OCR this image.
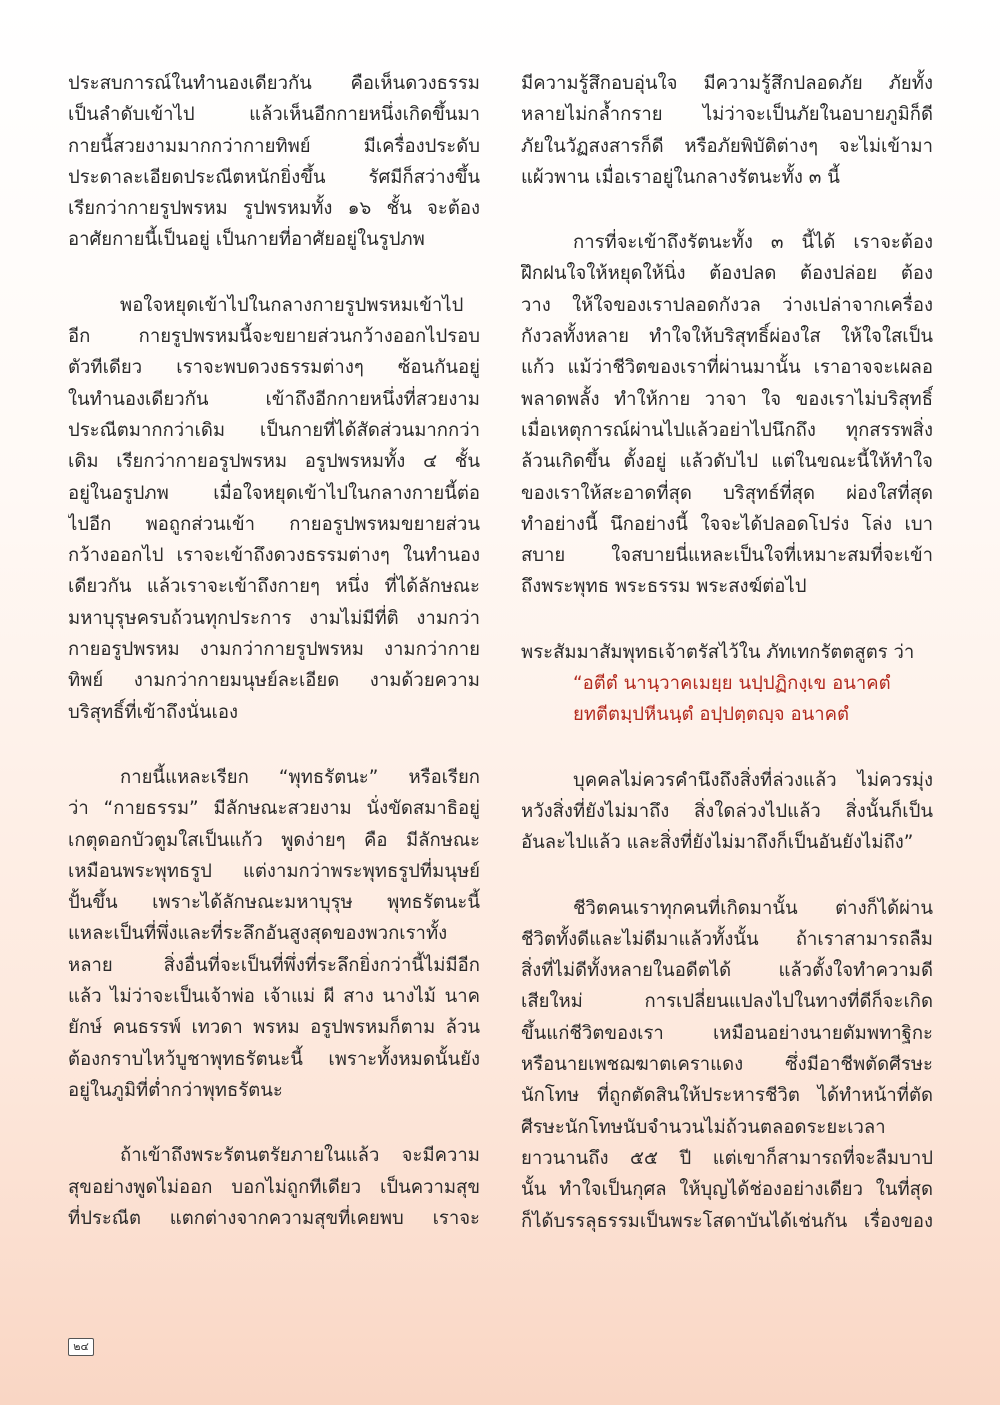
ประสบการณ์ในทำนองเดียวกัน คือเห็นดวงธรรม
เป็นลำดับเข้าไป แล้วเห็นอีกกายหนึ่งเกิดขึ้นมา
กายนี้สวยงามมากกว่ากายทิพย์ มีเครื่องประดับ
ประดาละเอียดประณีตหนักยิ่งขึ้น รัศมีก็สว่างขึ้น
เรียกว่ากายรูปพรหม รูปพรหมทั้ง ๑๖ ชั้น จะต้อง
อาศัยกายนี้เป็นอยู่ เป็นกายที่อาศัยอยู่ในรูปภพ
พอใจหยุดเข้าไปในกลางกายรูปพรหมเข้าไป
อีก กายรูปพรหมนี้จะขยายส่วนกว้างออกไปรอบ
ตัวทีเดียว เราจะพบดวงธรรมต่างๆ ซ้อนกันอยู่
ในทำนองเดียวกัน เข้าถึงอีกกายหนึ่งที่สวยงาม
ประณีตมากกว่าเดิม เป็นกายที่ได้สัดส่วนมากกว่า
เดิม เรียกว่ากายอรูปพรหม อรูปพรหมทั้ง ๔ ชั้น
อยู่ในอรูปภพ เมื่อใจหยุดเข้าไปในกลางกายนี้ต่อ
ไปอีก พอถูกส่วนเข้า กายอรูปพรหมขยายส่วน
กว้างออกไป เราจะเข้าถึงดวงธรรมต่างๆ ในทำนอง
เดียวกัน แล้วเราจะเข้าถึงกายๆ หนึ่ง ที่ได้ลักษณะ
มหาบุรุษครบถ้วนทุกประการ งามไม่มีที่ติ งามกว่า
กายอรูปพรหม งามกว่ากายรูปพรหม งามกว่ากาย
ทิพย์ งามกว่ากายมนุษย์ละเอียด งามด้วยความ
บริสุทธิ์ที่เข้าถึงนั่นเอง
กายนี้แหละเรียก “พุทธรัตนะ” หรือเรียก
ว่า “กายธรรม” มีลักษณะสวยงาม นั่งขัดสมาธิอยู่
เกตุดอกบัวตูมใสเป็นแก้ว พูดง่ายๆ คือ มีลักษณะ
เหมือนพระพุทธรูป แต่งามกว่าพระพุทธรูปที่มนุษย์
ปั้นขึ้น เพราะได้ลักษณะมหาบุรุษ พุทธรัตนะนี้
แหละเป็นที่พึ่งและที่ระลึกอันสูงสุดของพวกเราทั้ง
หลาย สิ่งอื่นที่จะเป็นที่พึ่งที่ระลึกยิ่งกว่านี้ไม่มีอีก
แล้ว ไม่ว่าจะเป็นเจ้าพ่อ เจ้าแม่ ผี สาง นางไม้ นาค
ยักษ์ คนธรรพ์ เทวดา พรหม อรูปพรหมก็ตาม ล้วน
ต้องกราบไหว้บูชาพุทธรัตนะนี้ เพราะทั้งหมดนั้นยัง
อยู่ในภูมิที่ต่ำกว่าพุทธรัตนะ
ถ้าเข้าถึงพระรัตนตรัยภายในแล้ว จะมีความ
สุขอย่างพูดไม่ออก บอกไม่ถูกทีเดียว เป็นความสุข
ที่ประณีต แตกต่างจากความสุขที่เคยพบ เราจะ
มีความรู้สึกอบอุ่นใจ มีความรู้สึกปลอดภัย ภัยทั้ง
หลายไม่กล้ำกราย ไม่ว่าจะเป็นภัยในอบายภูมิก็ดี
ภัยในวัฏสงสารก็ดี หรือภัยพิบัติต่างๆ จะไม่เข้ามา
แผ้วพาน เมื่อเราอยู่ในกลางรัตนะทั้ง ๓ นี้
การที่จะเข้าถึงรัตนะทั้ง ๓ นี้ได้ เราจะต้อง
ฝึกฝนใจให้หยุดให้นิ่ง ต้องปลด ต้องปล่อย ต้อง
วาง ให้ใจของเราปลอดกังวล ว่างเปล่าจากเครื่อง
กังวลทั้งหลาย ทำใจให้บริสุทธิ์ผ่องใส ให้ใจใสเป็น
แก้ว แม้ว่าชีวิตของเราที่ผ่านมานั้น เราอาจจะเผลอ
พลาดพลั้ง ทำให้กาย วาจา ใจ ของเราไม่บริสุทธิ์
เมื่อเหตุการณ์ผ่านไปแล้วอย่าไปนึกถึง ทุกสรรพสิ่ง
ล้วนเกิดขึ้น ตั้งอยู่ แล้วดับไป แต่ในขณะนี้ให้ทำใจ
ของเราให้สะอาดที่สุด บริสุทธ์ที่สุด ผ่องใสที่สุด
ทำอย่างนี้ นึกอย่างนี้ ใจจะได้ปลอดโปร่ง โล่ง เบา
สบาย ใจสบายนี่แหละเป็นใจที่เหมาะสมที่จะเข้า
ถึงพระพุทธ พระธรรม พระสงฆ์ต่อไป
พระสัมมาสัมพุทธเจ้าตรัสไว้ใน ภัทเทกรัตตสูตร ว่า
“อตีตํ นานฺวาคเมยฺย นปฺปฏิกงฺเข อนาคตํ
ยทตีตมฺปหีนนฺตํ อปฺปตฺตญฺจ อนาคตํ
บุคคลไม่ควรคำนึงถึงสิ่งที่ล่วงแล้ว ไม่ควรมุ่ง
หวังสิ่งที่ยังไม่มาถึง สิ่งใดล่วงไปแล้ว สิ่งนั้นก็เป็น
อันละไปแล้ว และสิ่งที่ยังไม่มาถึงก็เป็นอันยังไม่ถึง”
ชีวิตคนเราทุกคนที่เกิดมานั้น ต่างก็ได้ผ่าน
ชีวิตทั้งดีและไม่ดีมาแล้วทั้งนั้น ถ้าเราสามารถลืม
สิ่งที่ไม่ดีทั้งหลายในอดีตได้ แล้วตั้งใจทำความดี
เสียใหม่ การเปลี่ยนแปลงไปในทางที่ดีก็จะเกิด
ขึ้นแก่ชีวิตของเรา เหมือนอย่างนายตัมพทาฐิกะ
หรือนายเพชฌฆาตเคราแดง ซึ่งมีอาชีพตัดศีรษะ
นักโทษ ที่ถูกตัดสินให้ประหารชีวิต ได้ทำหน้าที่ตัด
ศีรษะนักโทษนับจำนวนไม่ถ้วนตลอดระยะเวลา
ยาวนานถึง ๕๕ ปี แต่เขาก็สามารถที่จะลืมบาป
นั้น ทำใจเป็นกุศล ให้บุญได้ช่องอย่างเดียว ในที่สุด
ก็ได้บรรลุธรรมเป็นพระโสดาบันได้เช่นกัน เรื่องของ
๒๔
